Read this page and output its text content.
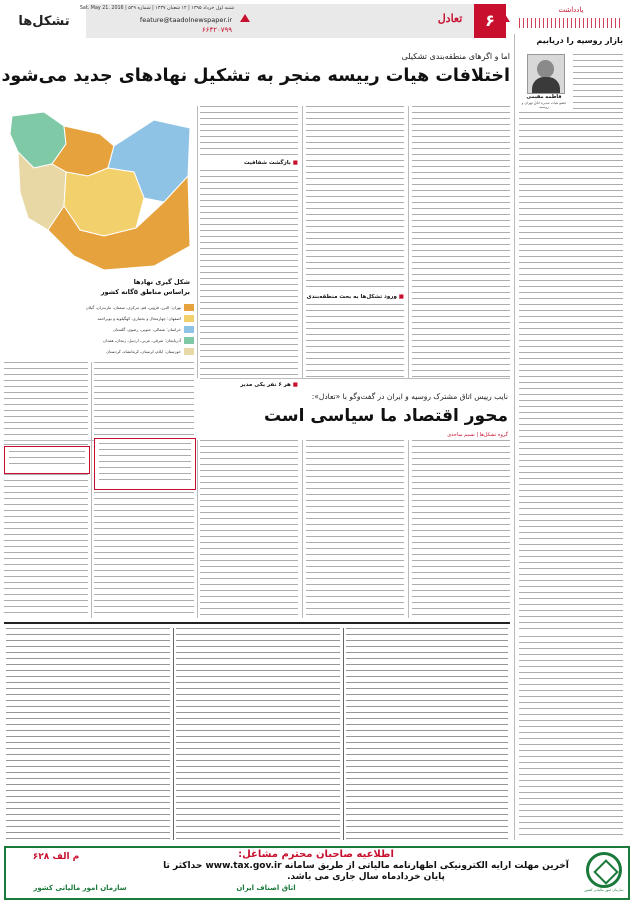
تشکل‌ها
شنبه اول خرداد ۱۳۹۵ | ۱۴ شعبان ۱۴۳۷ | شماره ۵۲۹ | Sat. May 21. 2016
feature@taadolnewspaper.ir
۶۶۴۲۰۷۹۹
تعادل	۶
یادداشت
بازار روسیه را دریابیم
فاطمه مقیمی
عضو هیات مدیره اتاق تهران و روسیه
اما و اگرهای منطقه‌بندی تشکیلی
اختلافات هیات رییسه منجر به تشکیل نهادهای جدید می‌شود
شکل گیری نهادها
براساس مناطق ۵گانه کشور
تهران: البرز، قزوین، قم، مرکزی، سمنان، مازندران، گیلان
اصفهان: چهارمحال و بختیاری، کهگیلویه و بویراحمد
خراسان: شمالی، جنوبی، رضوی، گلستان
آذربایجان: شرقی، غربی، اردبیل، زنجان، همدان
خوزستان: ایلام، لرستان، کرمانشاه، کردستان
■ ورود تشکل‌ها به بحث منطقه‌بندی
■ بازگشت شفافیت
■ هر ۶ نفر یکی مدیر
نایب رییس اتاق مشترک روسیه و ایران در گفت‌وگو با «تعادل»:
محور اقتصاد ما سیاسی است
گروه تشکل‌ها | نسیم ساجدی
سازمان امور مالیاتی کشور
اطلاعیه صاحبان محترم مشاغل:
آخرین مهلت ارایه الکترونیکی اظهارنامه مالیاتی از طریق سامانه www.tax.gov.ir حداکثر تا پایان خردادماه سال جاری می باشد.
اتاق اصناف ایران
سازمان امور مالیاتی کشور
م الف ۶۲۸
